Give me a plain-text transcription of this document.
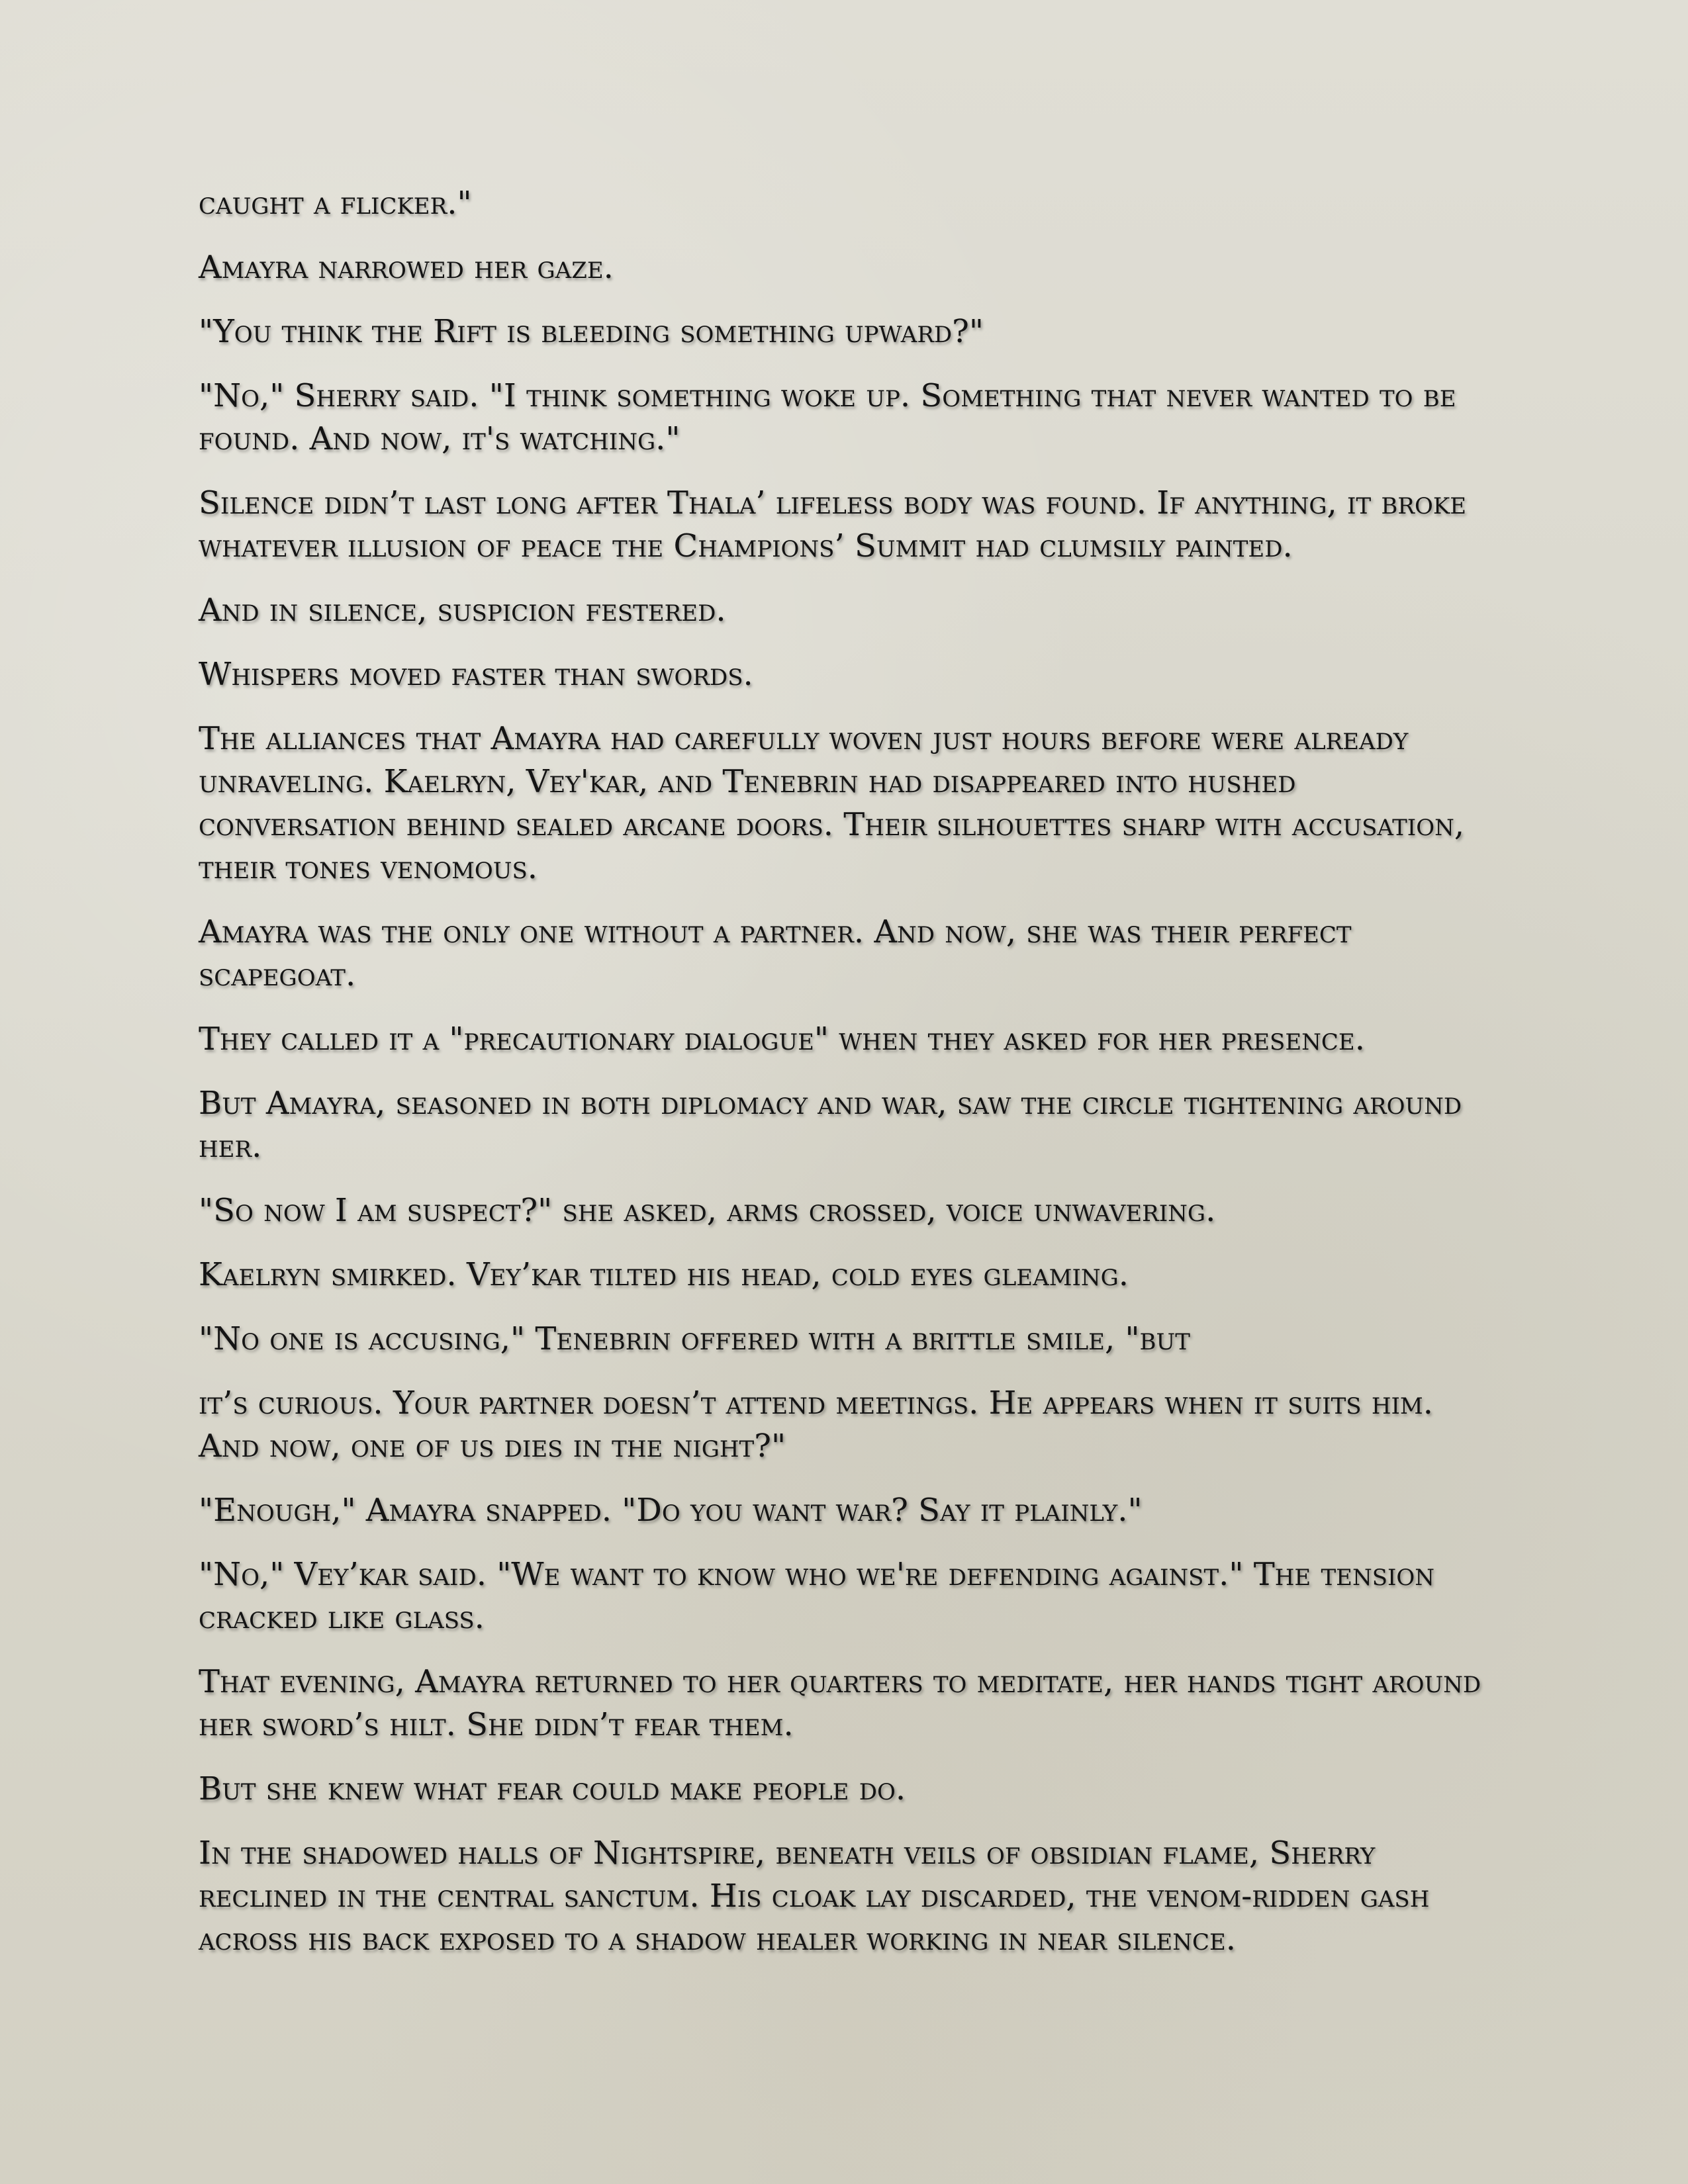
caught a flicker."

Amayra narrowed her gaze.

"You think the Rift is bleeding something upward?"

"No," Sherry said. "I think something woke up. Something that never wanted to be found. And now, it's watching."

Silence didn’t last long after Thala’ lifeless body was found. If anything, it broke whatever illusion of peace the Champions’ Summit had clumsily painted.

And in silence, suspicion festered.

Whispers moved faster than swords.

The alliances that Amayra had carefully woven just hours before were already unraveling. Kaelryn, Vey'kar, and Tenebrin had disappeared into hushed conversation behind sealed arcane doors. Their silhouettes sharp with accusation, their tones venomous.

Amayra was the only one without a partner. And now, she was their perfect scapegoat.

They called it a "precautionary dialogue" when they asked for her presence.

But Amayra, seasoned in both diplomacy and war, saw the circle tightening around her.

"So now I am suspect?" she asked, arms crossed, voice unwavering.

Kaelryn smirked. Vey’kar tilted his head, cold eyes gleaming.

"No one is accusing," Tenebrin offered with a brittle smile, "but

it’s curious. Your partner doesn’t attend meetings. He appears when it suits him. And now, one of us dies in the night?"

"Enough," Amayra snapped. "Do you want war? Say it plainly."

"No," Vey’kar said. "We want to know who we're defending against." The tension cracked like glass.

That evening, Amayra returned to her quarters to meditate, her hands tight around her sword’s hilt. She didn’t fear them.

But she knew what fear could make people do.

In the shadowed halls of Nightspire, beneath veils of obsidian flame, Sherry reclined in the central sanctum. His cloak lay discarded, the venom-ridden gash across his back exposed to a shadow healer working in near silence.
